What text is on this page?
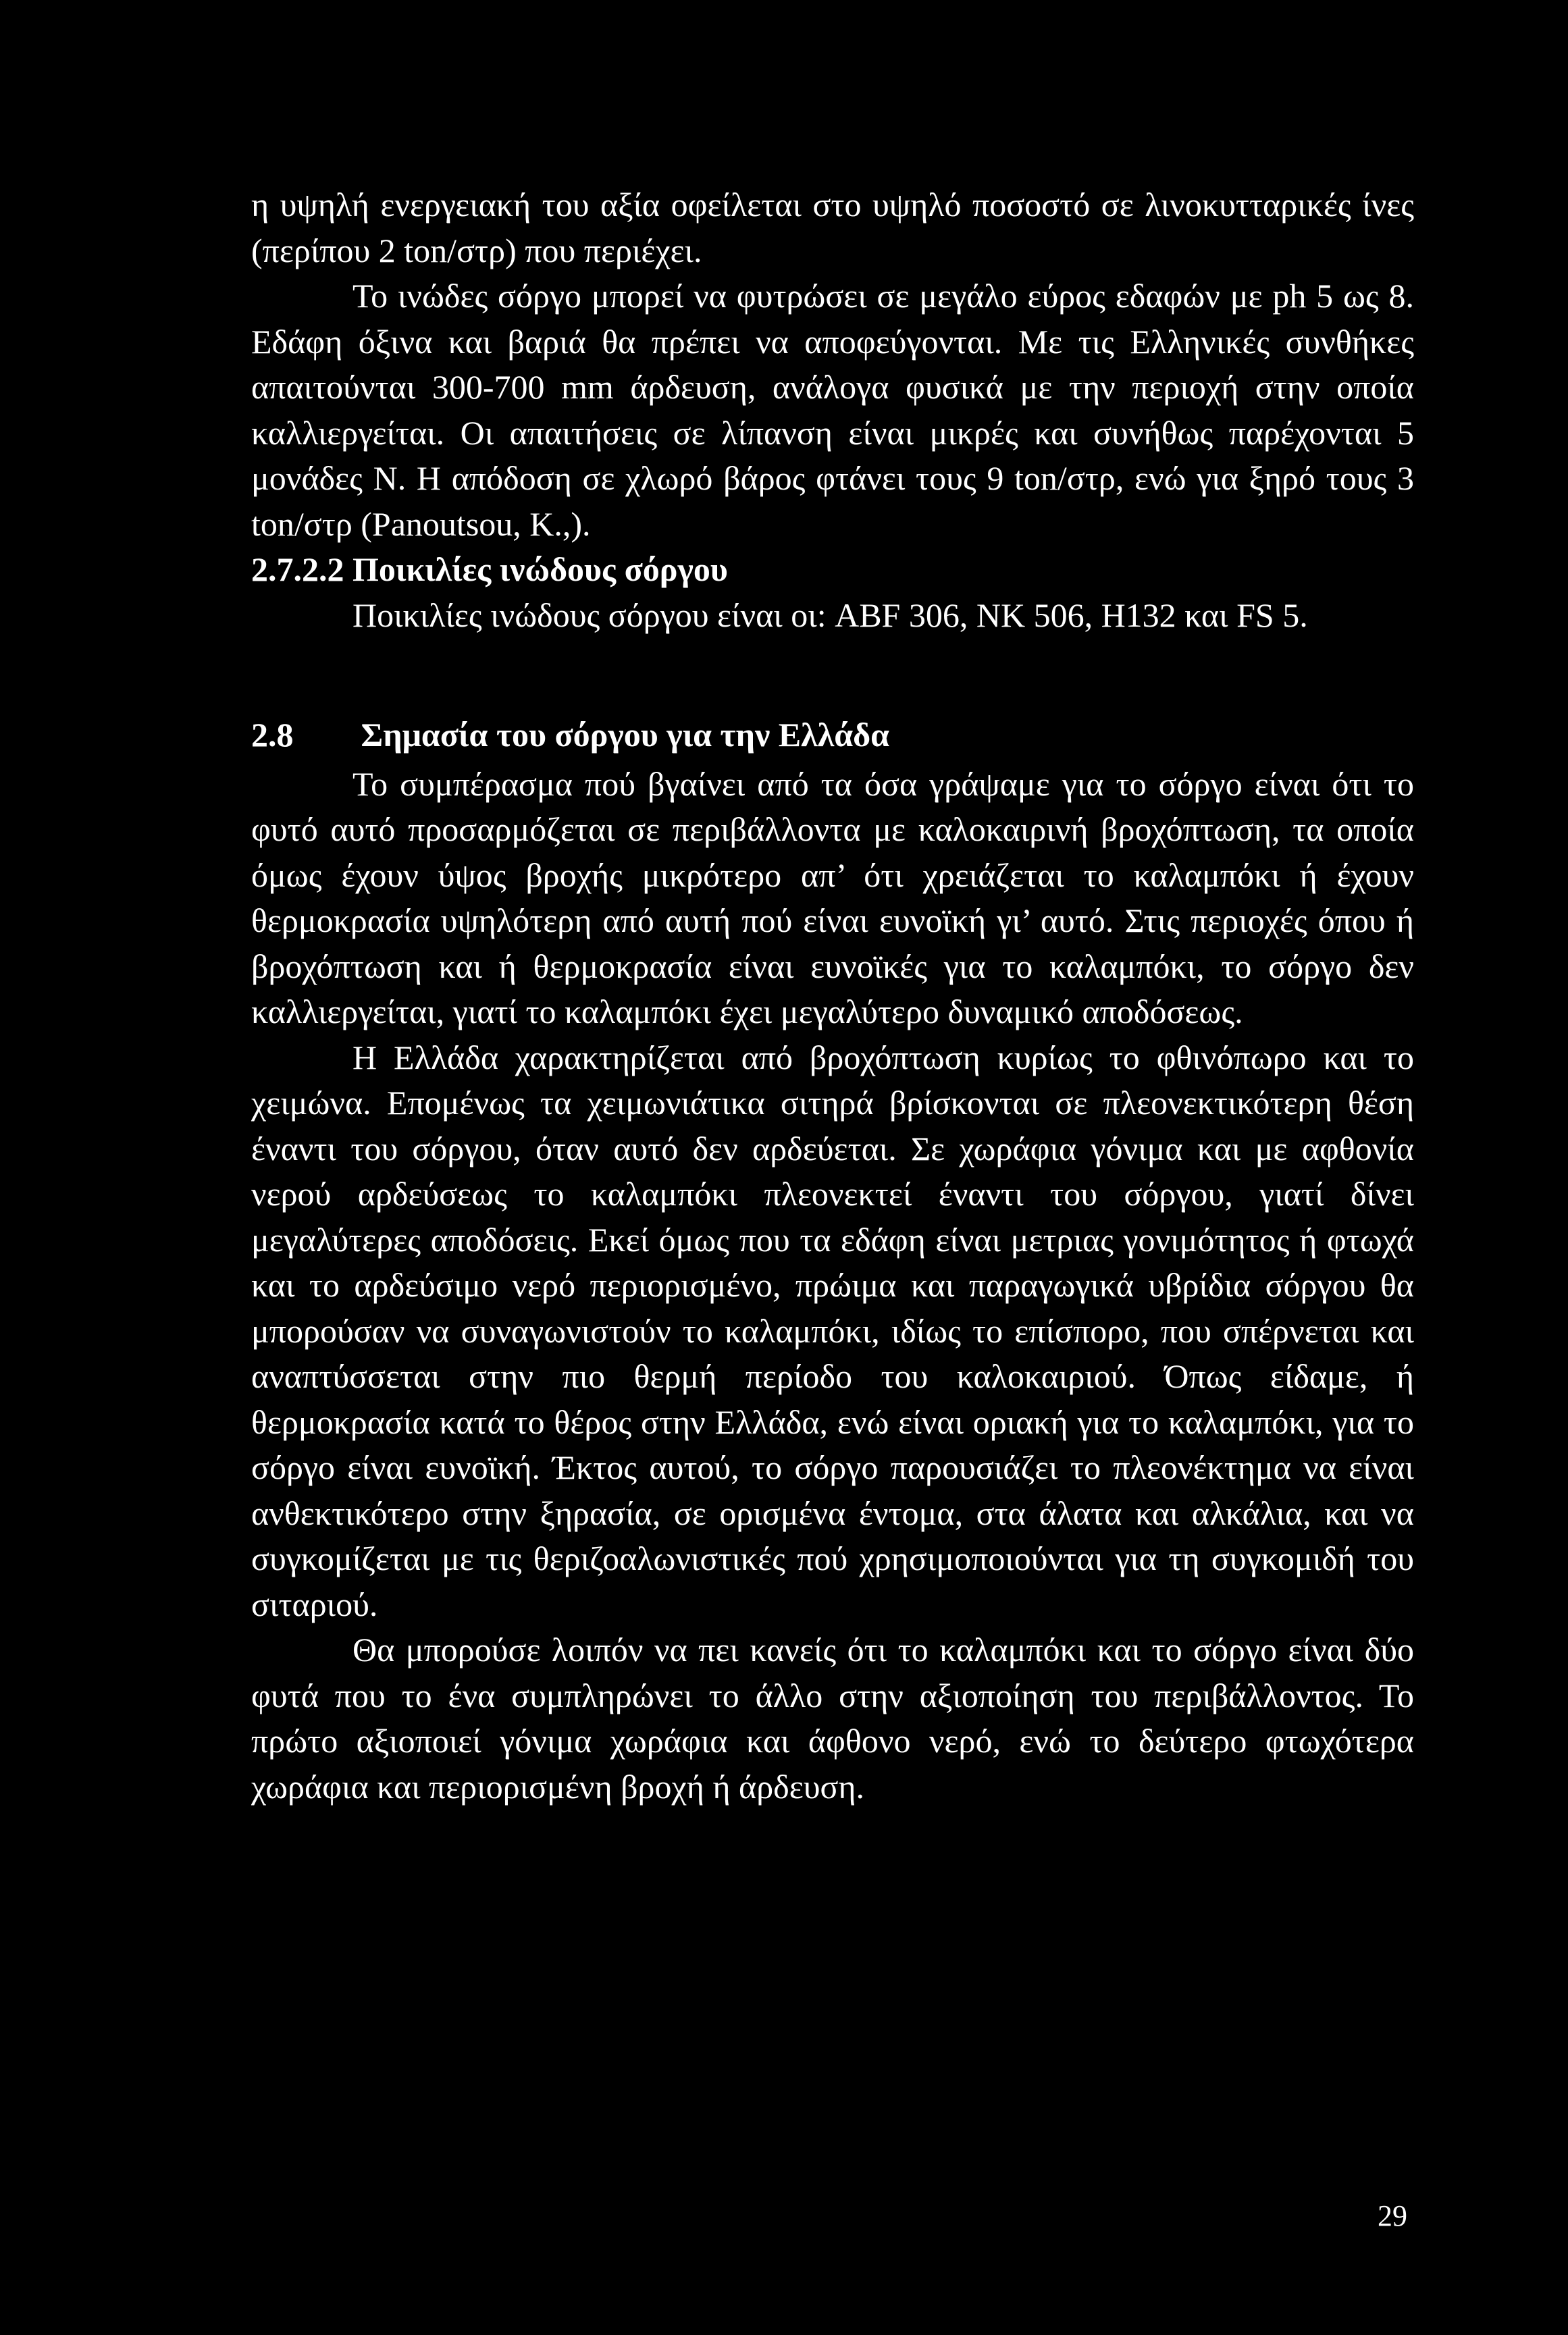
η υψηλή ενεργειακή του αξία οφείλεται στο υψηλό ποσοστό σε λινοκυτταρικές ίνες (περίπου 2 ton/στρ) που περιέχει.

Το ινώδες σόργο μπορεί να φυτρώσει σε μεγάλο εύρος εδαφών με ph 5 ως 8. Εδάφη όξινα και βαριά θα πρέπει να αποφεύγονται. Με τις Ελληνικές συνθήκες απαιτούνται 300-700 mm άρδευση, ανάλογα φυσικά με την περιοχή στην οποία καλλιεργείται. Οι απαιτήσεις σε λίπανση είναι μικρές και συνήθως παρέχονται 5 μονάδες Ν. Η απόδοση σε χλωρό βάρος φτάνει τους 9 ton/στρ, ενώ για ξηρό τους 3 ton/στρ (Panoutsou, K.,).

2.7.2.2 Ποικιλίες ινώδους σόργου

Ποικιλίες ινώδους σόργου είναι οι: ABF 306, NK 506, H132 και FS 5.

2.8 Σημασία του σόργου για την Ελλάδα

Το συμπέρασμα πού βγαίνει από τα όσα γράψαμε για το σόργο είναι ότι το φυτό αυτό προσαρμόζεται σε περιβάλλοντα με καλοκαιρινή βροχόπτωση, τα οποία όμως έχουν ύψος βροχής μικρότερο απ’ ότι χρειάζεται το καλαμπόκι ή έχουν θερμοκρασία υψηλότερη από αυτή πού είναι ευνοϊκή γι’ αυτό. Στις περιοχές όπου ή βροχόπτωση και ή θερμοκρασία είναι ευνοϊκές για το καλαμπόκι, το σόργο δεν καλλιεργείται, γιατί το καλαμπόκι έχει μεγαλύτερο δυναμικό αποδόσεως.

Η Ελλάδα χαρακτηρίζεται από βροχόπτωση κυρίως το φθινόπωρο και το χειμώνα. Επομένως τα χειμωνιάτικα σιτηρά βρίσκονται σε πλεονεκτικότερη θέση έναντι του σόργου, όταν αυτό δεν αρδεύεται. Σε χωράφια γόνιμα και με αφθονία νερού αρδεύσεως το καλαμπόκι πλεονεκτεί έναντι του σόργου, γιατί δίνει μεγαλύτερες αποδόσεις. Εκεί όμως που τα εδάφη είναι μετριας γονιμότητος ή φτωχά και το αρδεύσιμο νερό περιορισμένο, πρώιμα και παραγωγικά υβρίδια σόργου θα μπορούσαν να συναγωνιστούν το καλαμπόκι, ιδίως το επίσπορο, που σπέρνεται και αναπτύσσεται στην πιο θερμή περίοδο του καλοκαιριού. Όπως είδαμε, ή θερμοκρασία κατά το θέρος στην Ελλάδα, ενώ είναι οριακή για το καλαμπόκι, για το σόργο είναι ευνοϊκή. Έκτος αυτού, το σόργο παρουσιάζει το πλεονέκτημα να είναι ανθεκτικότερο στην ξηρασία, σε ορισμένα έντομα, στα άλατα και αλκάλια, και να συγκομίζεται με τις θεριζοαλωνιστικές πού χρησιμοποιούνται για τη συγκομιδή του σιταριού.

Θα μπορούσε λοιπόν να πει κανείς ότι το καλαμπόκι και το σόργο είναι δύο φυτά που το ένα συμπληρώνει το άλλο στην αξιοποίηση του περιβάλλοντος. Το πρώτο αξιοποιεί γόνιμα χωράφια και άφθονο νερό, ενώ το δεύτερο φτωχότερα χωράφια και περιορισμένη βροχή ή άρδευση.

29
